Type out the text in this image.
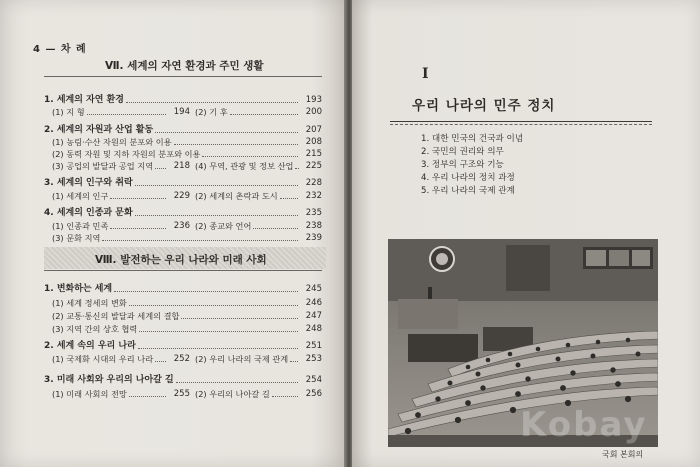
4 — 차 례
Ⅰ
우리 나라의 민주 정치
1. 대한 민국의 건국과 이념
2. 국민의 권리와 의무
3. 정부의 구조와 기능
4. 우리 나라의 정치 과정
5. 우리 나라의 국제 관계
Kobay
국회 본회의
Ⅶ. 세계의 자연 환경과 주민 생활
1. 세계의 자연 환경	193
(1) 지 형	194 (2) 기 후	200
2. 세계의 자원과 산업 활동	207
(1) 농림·수산 자원의 분포와 이용	208
(2) 동력 자원 및 지하 자원의 분포와 이용	215
(3) 공업의 발달과 공업 지역	218 (4) 무역, 관광 및 정보 산업	225
3. 세계의 인구와 취락	228
(1) 세계의 인구	229 (2) 세계의 촌락과 도시	232
4. 세계의 인종과 문화	235
(1) 인종과 민족	236 (2) 종교와 언어	238
(3) 문화 지역	239
Ⅷ. 발전하는 우리 나라와 미래 사회
1. 변화하는 세계	245
(1) 세계 정세의 변화	246
(2) 교통·통신의 발달과 세계의 결합	247
(3) 지역 간의 상호 협력	248
2. 세계 속의 우리 나라	251
(1) 국제화 시대의 우리 나라	252 (2) 우리 나라의 국제 관계	253
3. 미래 사회와 우리의 나아갈 길	254
(1) 미래 사회의 전망	255 (2) 우리의 나아갈 길	256
